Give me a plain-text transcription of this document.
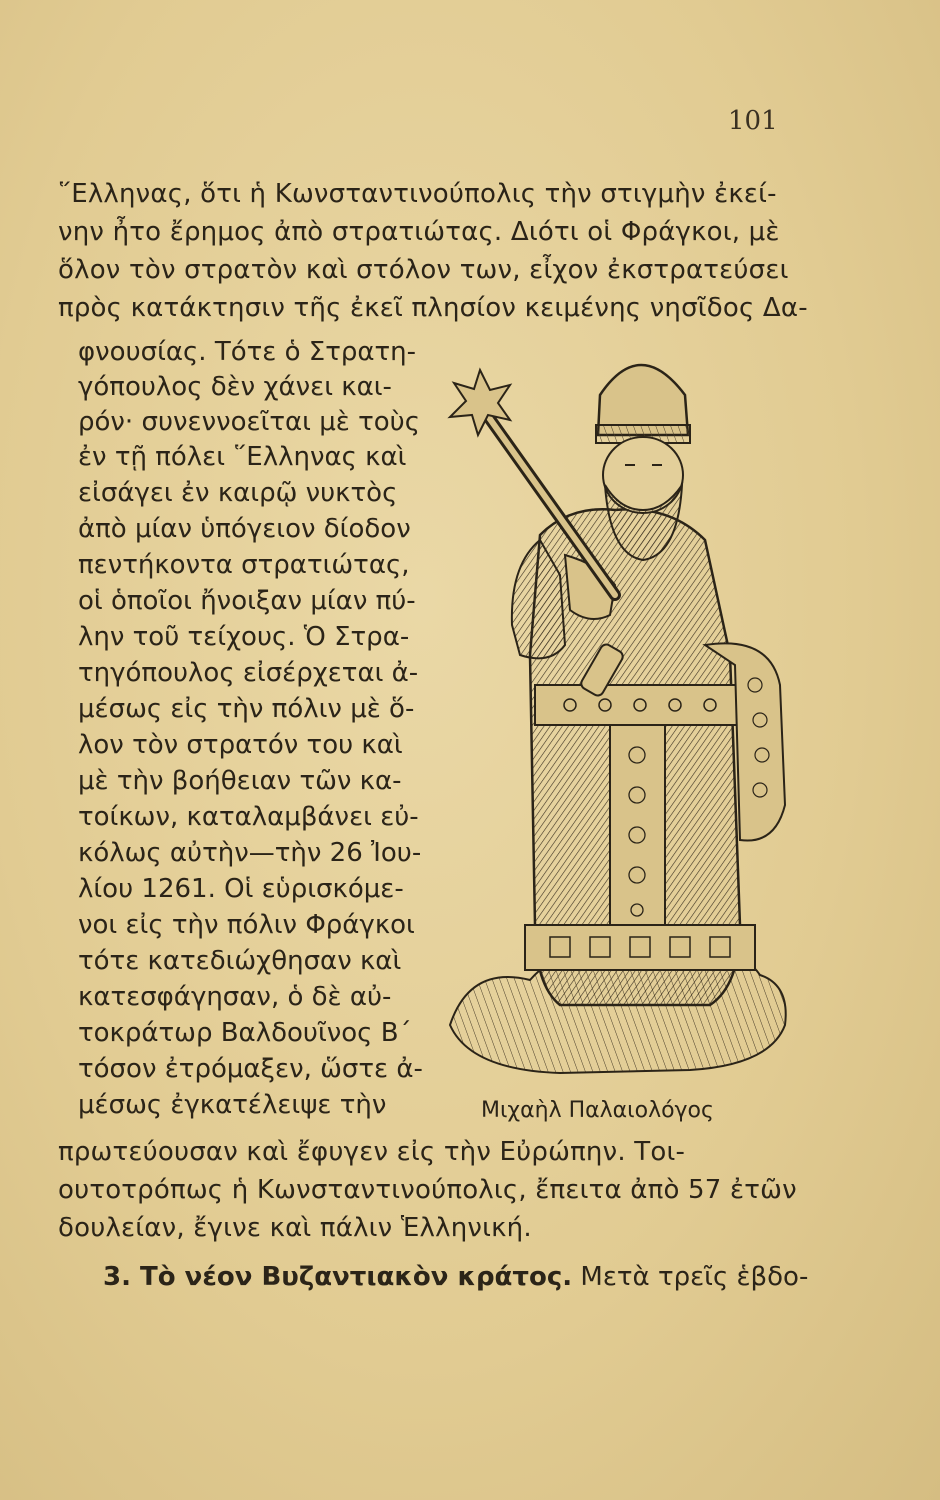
101
῞Ελληνας, ὅτι ἡ Κωνσταντινούπολις τὴν στιγμὴν ἐκεί-
νην ἦτο ἔρημος ἀπὸ στρατιώτας. Διότι οἱ Φράγκοι, μὲ
ὅλον τὸν στρατὸν καὶ στόλον των, εἶχον ἐκστρατεύσει
πρὸς κατάκτησιν τῆς ἐκεῖ πλησίον κειμένης νησῖδος Δα-
φνουσίας. Τότε ὁ Στρατη-
γόπουλος δὲν χάνει και-
ρόν· συνεννοεῖται μὲ τοὺς
ἐν τῇ πόλει ῞Ελληνας καὶ
εἰσάγει ἐν καιρῷ νυκτὸς
ἀπὸ μίαν ὑπόγειον δίοδον
πεντήκοντα στρατιώτας,
οἱ ὁποῖοι ἤνοιξαν μίαν πύ-
λην τοῦ τείχους. Ὁ Στρα-
τηγόπουλος εἰσέρχεται ἀ-
μέσως εἰς τὴν πόλιν μὲ ὅ-
λον τὸν στρατόν του καὶ
μὲ τὴν βοήθειαν τῶν κα-
τοίκων, καταλαμβάνει εὐ-
κόλως αὐτὴν—τὴν 26 Ἰου-
λίου 1261. Οἱ εὑρισκόμε-
νοι εἰς τὴν πόλιν Φράγκοι
τότε κατεδιώχθησαν καὶ
κατεσφάγησαν, ὁ δὲ αὐ-
τοκράτωρ Βαλδουῖνος Β΄
τόσον ἐτρόμαξεν, ὥστε ἀ-
μέσως ἐγκατέλειψε τὴν	Μιχαὴλ Παλαιολόγος
πρωτεύουσαν καὶ ἔφυγεν εἰς τὴν Εὐρώπην. Τοι-
ουτοτρόπως ἡ Κωνσταντινούπολις, ἔπειτα ἀπὸ 57 ἐτῶν
δουλείαν, ἔγινε καὶ πάλιν Ἑλληνική.
3. Τὸ νέον Βυζαντιακὸν κράτος. Μετὰ τρεῖς ἑβδο-
